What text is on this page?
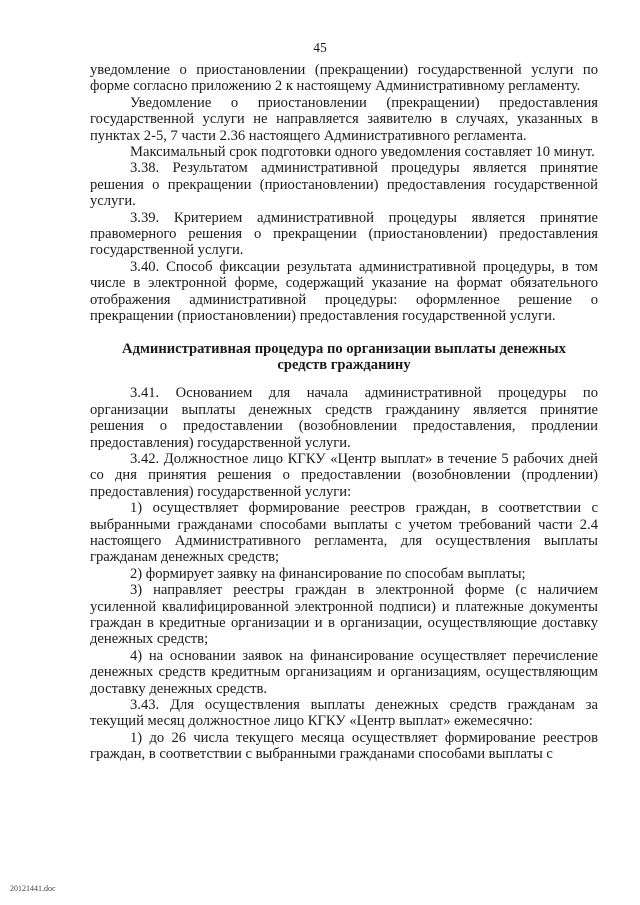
45

уведомление о приостановлении (прекращении) государственной услуги по форме согласно приложению 2 к настоящему Административному регламенту.

Уведомление о приостановлении (прекращении) предоставления государственной услуги не направляется заявителю в случаях, указанных в пунктах 2-5, 7 части 2.36 настоящего Административного регламента.

Максимальный срок подготовки одного уведомления составляет 10 минут.

3.38. Результатом административной процедуры является принятие решения о прекращении (приостановлении) предоставления государственной услуги.

3.39. Критерием административной процедуры является принятие правомерного решения о прекращении (приостановлении) предоставления государственной услуги.

3.40. Способ фиксации результата административной процедуры, в том числе в электронной форме, содержащий указание на формат обязательного отображения административной процедуры: оформленное решение о прекращении (приостановлении) предоставления государственной услуги.

Административная процедура по организации выплаты денежных средств гражданину

3.41. Основанием для начала административной процедуры по организации выплаты денежных средств гражданину является принятие решения о предоставлении (возобновлении предоставления, продлении предоставления) государственной услуги.

3.42. Должностное лицо КГКУ «Центр выплат» в течение 5 рабочих дней со дня принятия решения о предоставлении (возобновлении (продлении) предоставления) государственной услуги:

1) осуществляет формирование реестров граждан, в соответствии с выбранными гражданами способами выплаты с учетом требований части 2.4 настоящего Административного регламента, для осуществления выплаты гражданам денежных средств;

2) формирует заявку на финансирование по способам выплаты;

3) направляет реестры граждан в электронной форме (с наличием усиленной квалифицированной электронной подписи) и платежные документы граждан в кредитные организации и в организации, осуществляющие доставку денежных средств;

4) на основании заявок на финансирование осуществляет перечисление денежных средств кредитным организациям и организациям, осуществляющим доставку денежных средств.

3.43. Для осуществления выплаты денежных средств гражданам за текущий месяц должностное лицо КГКУ «Центр выплат» ежемесячно:

1) до 26 числа текущего месяца осуществляет формирование реестров граждан, в соответствии с выбранными гражданами способами выплаты с

20121441.doc
